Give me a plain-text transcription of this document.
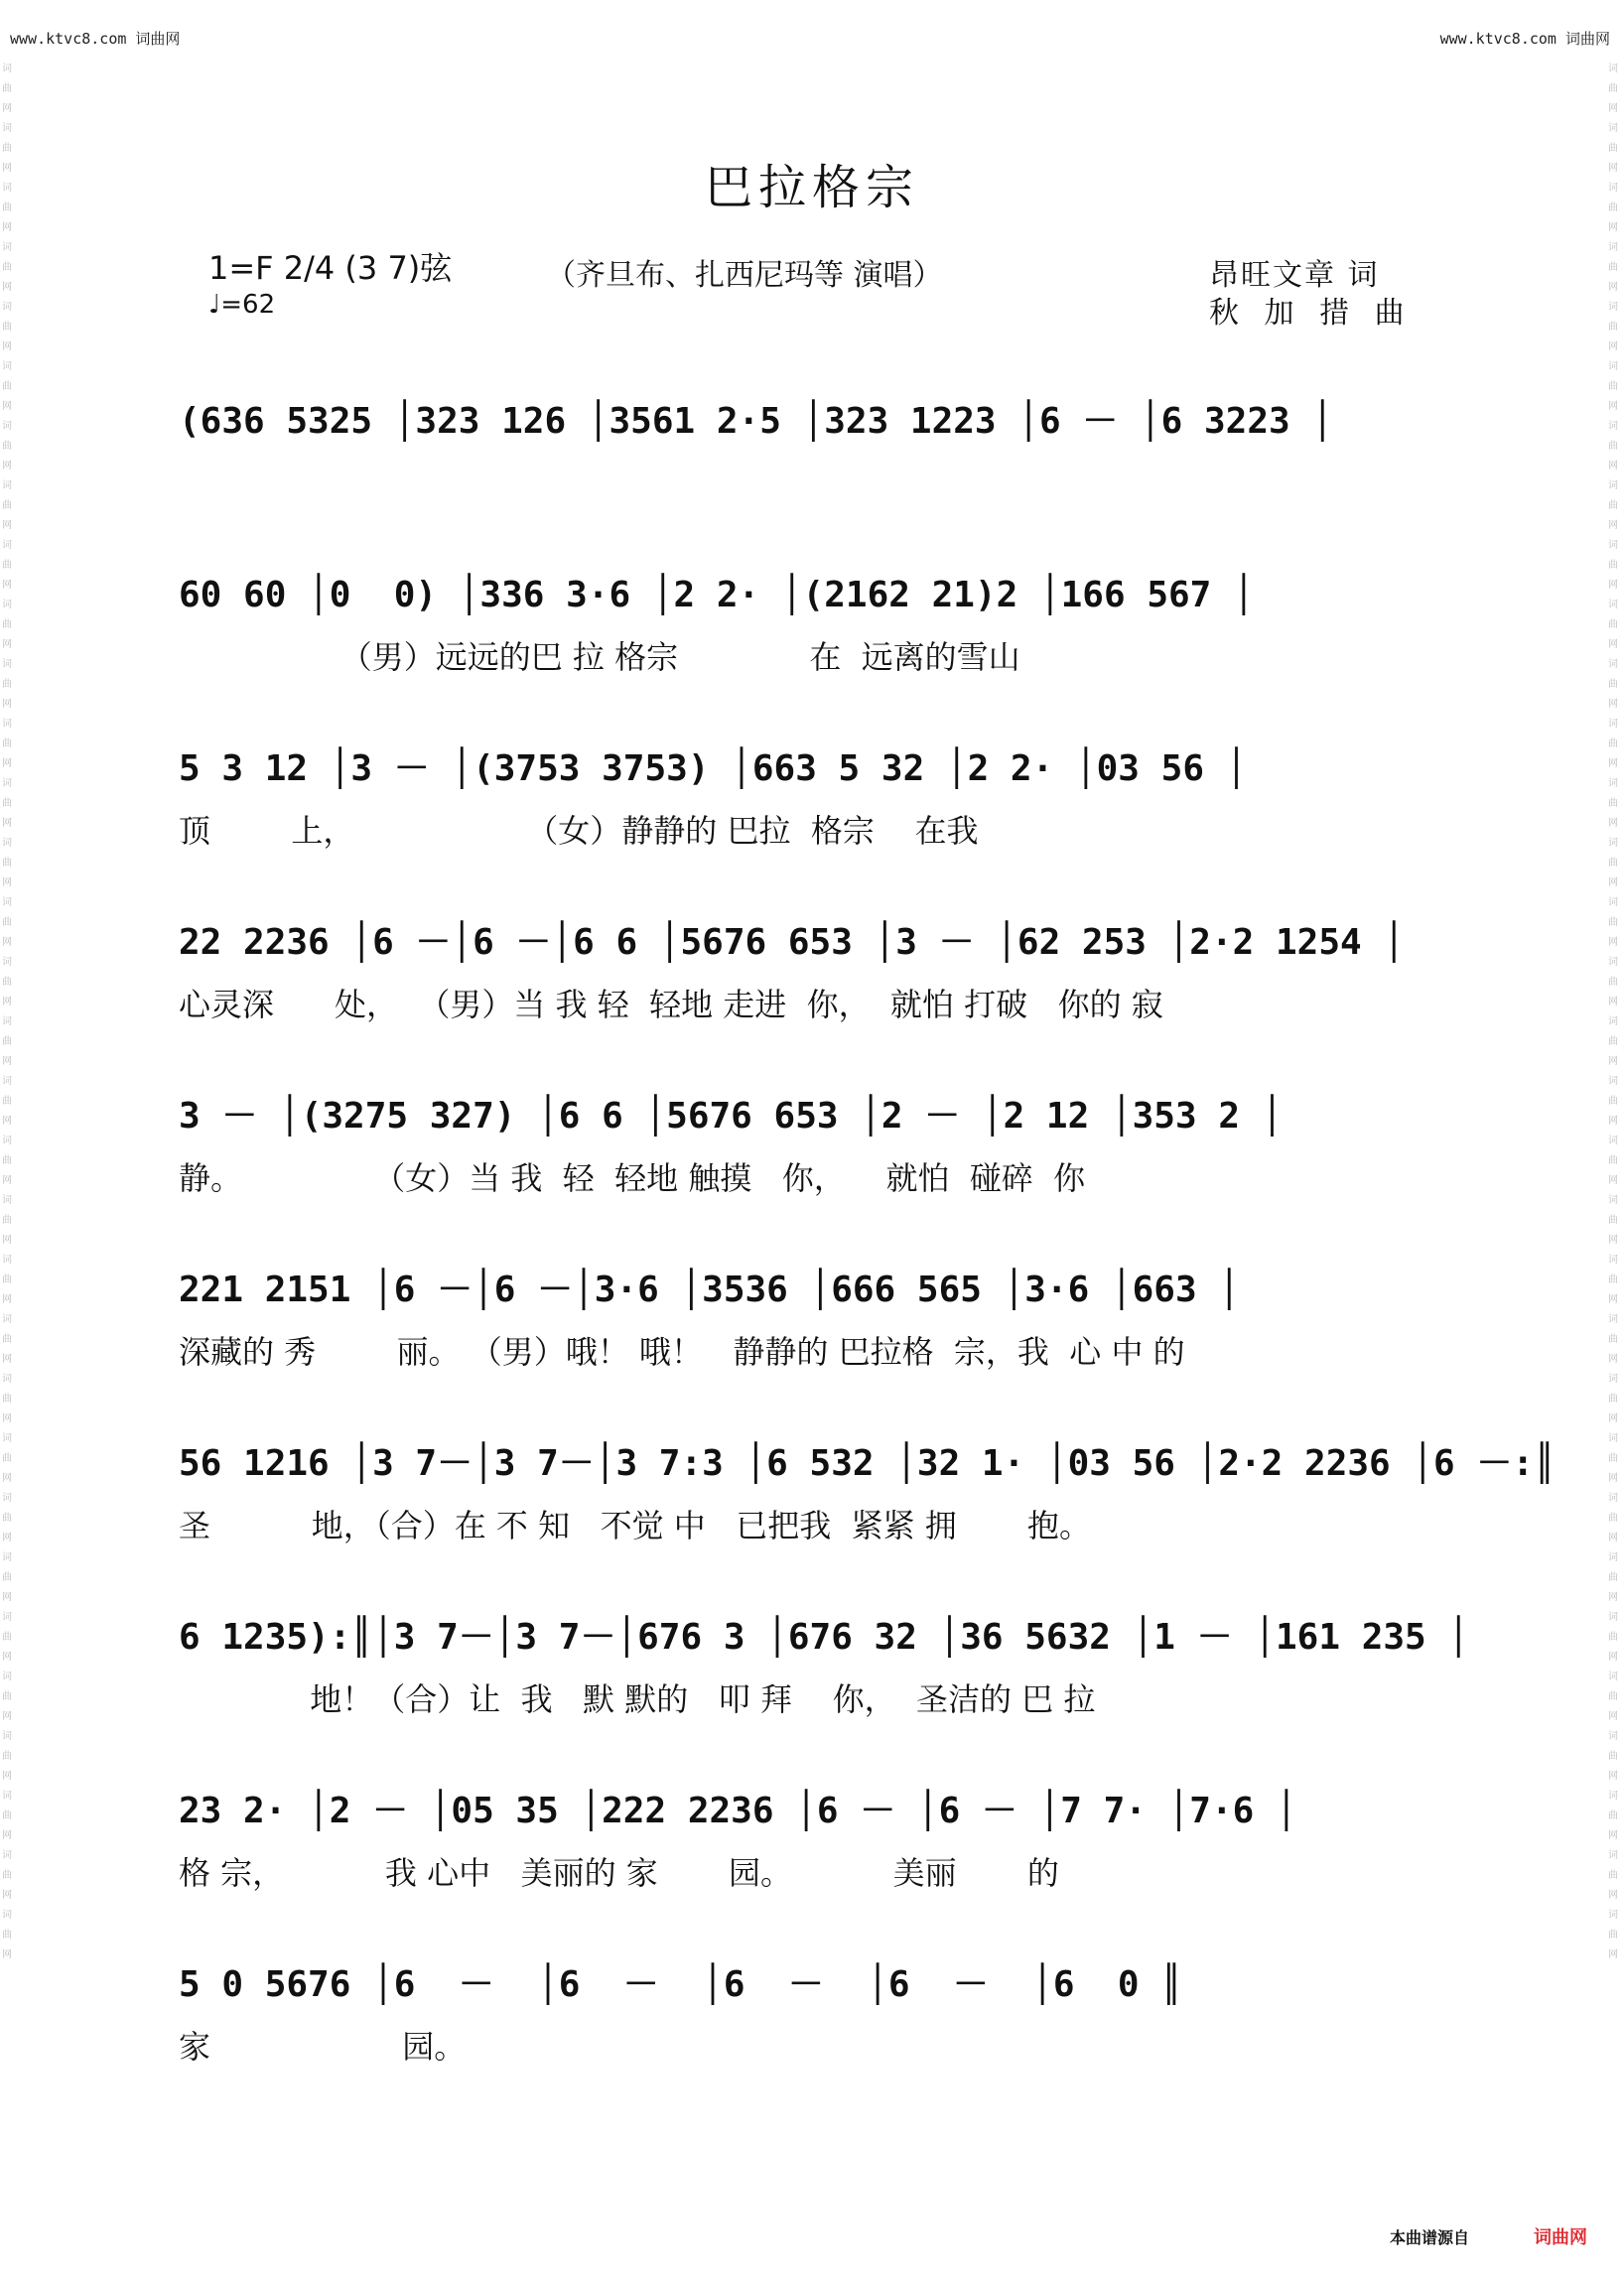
www.ktvc8.com 词曲网	www.ktvc8.com 词曲网
词曲网 词曲网 词曲网 词曲网 词曲网 词曲网 词曲网 词曲网 词曲网 词曲网 词曲网 词曲网 词曲网 词曲网 词曲网 词曲网 词曲网 词曲网 词曲网 词曲网 词曲网 词曲网 词曲网 词曲网 词曲网 词曲网 词曲网 词曲网 词曲网 词曲网 词曲网 词曲网
词曲网 词曲网 词曲网 词曲网 词曲网 词曲网 词曲网 词曲网 词曲网 词曲网 词曲网 词曲网 词曲网 词曲网 词曲网 词曲网 词曲网 词曲网 词曲网 词曲网 词曲网 词曲网 词曲网 词曲网 词曲网 词曲网 词曲网 词曲网 词曲网 词曲网 词曲网 词曲网
巴拉格宗
1=F 2/4 (3 7)弦
♩=62
（齐旦布、扎西尼玛等 演唱）	昂旺文章 词
秋 加 措 曲
(636 5325 │323 126 │3561 2·5 │323 1223 │6 － │6 3223 │
60 60 │0  0) │336 3·6 │2 2· │(2162 21)2 │166 567 │
（男）远远的巴 拉 格宗             在  远离的雪山
5 3 12 │3 － │(3753 3753) │663 5 32 │2 2· │03 56 │
顶        上，                 （女）静静的 巴拉  格宗    在我
22 2236 │6 －│6 －│6 6 │5676 653 │3 － │62 253 │2·2 1254 │
心灵深      处，  （男）当 我 轻  轻地 走进  你，  就怕 打破   你的 寂
3 － │(3275 327) │6 6 │5676 653 │2 － │2 12 │353 2 │
静。             （女）当 我  轻  轻地 触摸   你，    就怕  碰碎  你
221 2151 │6 －│6 －│3·6 │3536 │666 565 │3·6 │663 │
深藏的 秀        丽。 （男）哦！ 哦！   静静的 巴拉格  宗，我  心 中 的
56 1216 │3 7－│3 7－│3 7:3 │6 532 │32 1· │03 56 │2·2 2236 │6 －:║
圣          地，（合）在 不 知   不觉 中   已把我  紧紧 拥       抱。
6 1235):║│3 7－│3 7－│676 3 │676 32 │36 5632 │1 － │161 235 │
地！（合）让  我   默 默的   叩 拜    你，  圣洁的 巴 拉
23 2· │2 － │05 35 │222 2236 │6 － │6 － │7 7· │7·6 │
格 宗，          我 心中   美丽的 家       园。          美丽       的
5 0 5676 │6  －  │6  －  │6  －  │6  －  │6  0 ║
家                   园。
本曲谱源自	词曲网
